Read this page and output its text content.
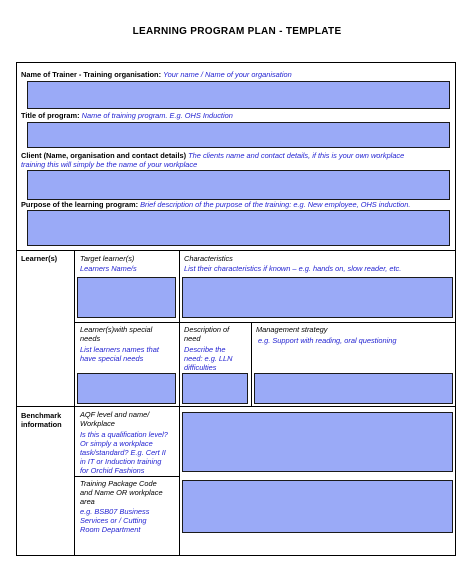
LEARNING PROGRAM PLAN - TEMPLATE
Name of Trainer - Training organisation: Your name / Name of your organisation
Title of program: Name of training program. E.g. OHS Induction
Client (Name, organisation and contact details) The clients name and contact details, if this is your own workplace
training this will simply be the name of your workplace
Purpose of the learning program: Brief description of the purpose of the training: e.g. New employee, OHS induction.
Learner(s)	Target learner(s)
Learners Name/s
Characteristics
List their characteristics if known – e.g. hands on, slow reader, etc.
Learner(s)with special
needs
List learners names that
have special needs
Description of
need
Describe the
need: e.g. LLN
difficulties
Management strategy
e.g. Support with reading, oral questioning
Benchmark
information
AQF level and name/
Workplace
Is this a qualification level?
Or simply a workplace
task/standard? E.g. Cert II
in IT or Induction training
for Orchid Fashions
Training Package Code
and Name OR workplace
area
e.g. BSB07 Business
Services or / Cutting
Room Department
